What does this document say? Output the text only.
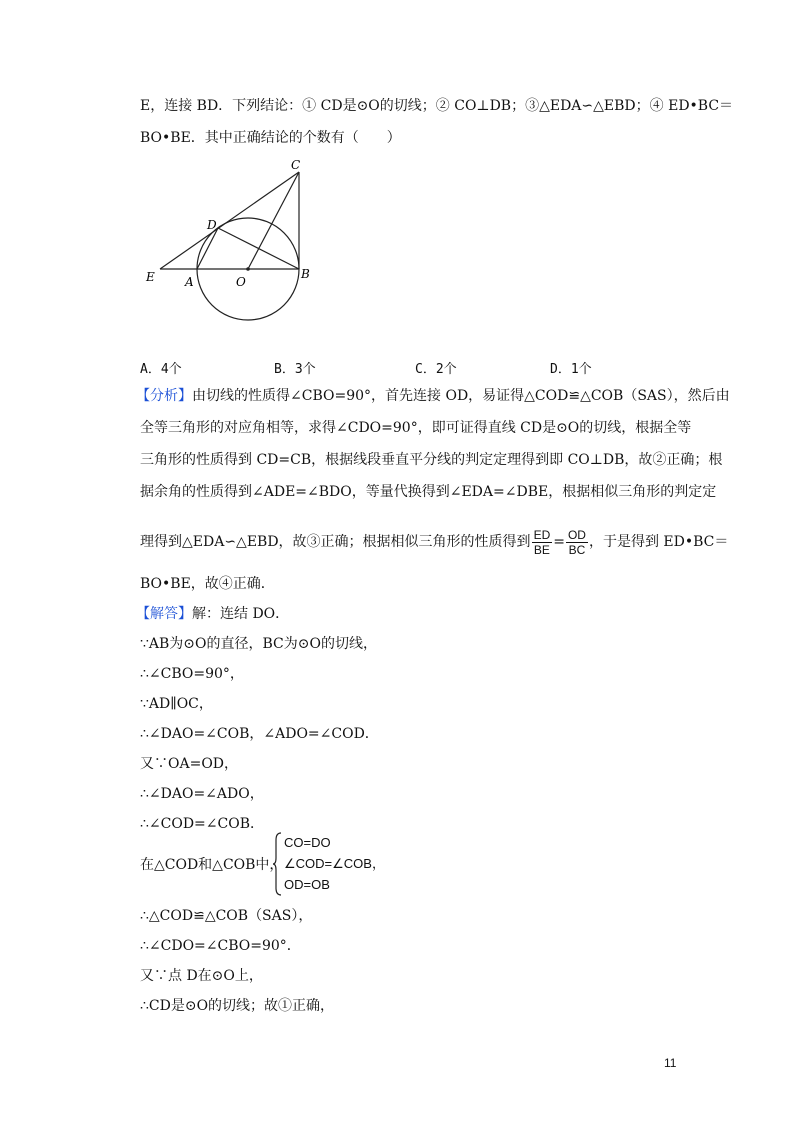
E，连接 BD．下列结论：① CD是⊙O的切线；② CO⊥DB；③△EDA∽△EBD；④ ED•BC＝
BO•BE．其中正确结论的个数有（　　）
C
D
E	A	O
B
A．4个	B．3个	C．2个	D．1个
【分析】由切线的性质得∠CBO=90°，首先连接 OD，易证得△COD≌△COB（SAS），然后由
全等三角形的对应角相等，求得∠CDO=90°，即可证得直线 CD是⊙O的切线，根据全等
三角形的性质得到 CD=CB，根据线段垂直平分线的判定定理得到即 CO⊥DB，故②正确；根
据余角的性质得到∠ADE=∠BDO，等量代换得到∠EDA=∠DBE，根据相似三角形的判定定
理得到△EDA∽△EBD，故③正确；根据相似三角形的性质得到 $\frac{ED}{BE} = \frac{OD}{BC}$ ，于是得到 ED•BC＝
BO•BE，故④正确．
【解答】解：连结 DO．
∵AB为⊙O的直径，BC为⊙O的切线，
∴∠CBO=90°，
∵AD∥OC，
∴∠DAO=∠COB，∠ADO=∠COD．
又∵OA=OD，
∴∠DAO=∠ADO，
∴∠COD=∠COB．
在△COD和△COB中，
CO=DO
∠COD=∠COB，
OD=OB
∴△COD≌△COB（SAS），
∴∠CDO=∠CBO=90°．
又∵点 D在⊙O上，
∴CD是⊙O的切线；故①正确，
11
